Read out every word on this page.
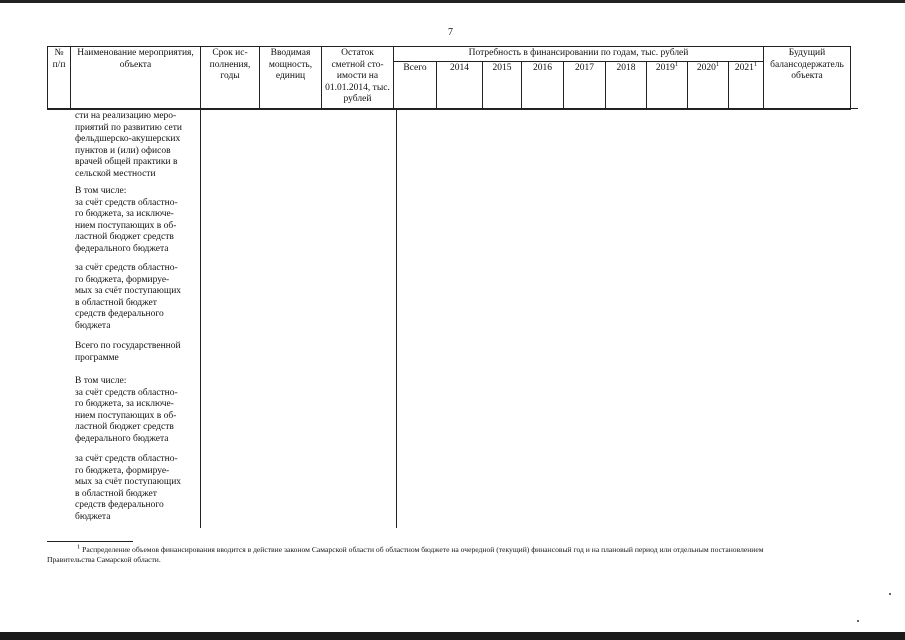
7
№ п/п	Наименование мероприятия, объекта	Срок ис- полнения, годы	Вводимая мощность, единиц	Остаток сметной сто- имости на 01.01.2014, тыс. рублей	Потребность в финансировании по годам, тыс. рублей									Будущий балансодержатель объекта
					Всего	2014	2015	2016	2017	2018	2019$^1$	2020$^1$	2021$^1$
сти на реализацию меро-
приятий по развитию сети
фельдшерско-акушерских
пунктов и (или) офисов
врачей общей практики в
сельской местности
В том числе:
за счёт средств областно-
го бюджета, за исключе-
нием поступающих в об-
ластной бюджет средств
федерального бюджета
за счёт средств областно-
го бюджета, формируе-
мых за счёт поступающих
в областной бюджет
средств федерального
бюджета
Всего по государственной
программе
В том числе:
за счёт средств областно-
го бюджета, за исключе-
нием поступающих в об-
ластной бюджет средств
федерального бюджета
за счёт средств областно-
го бюджета, формируе-
мых за счёт поступающих
в областной бюджет
средств федерального
бюджета
$^1$ Распределение объемов финансирования вводится в действие законом Самарской области об областном бюджете на очередной (текущий) финансовый год и на плановый период или отдельным постановлением
Правительства Самарской области.
